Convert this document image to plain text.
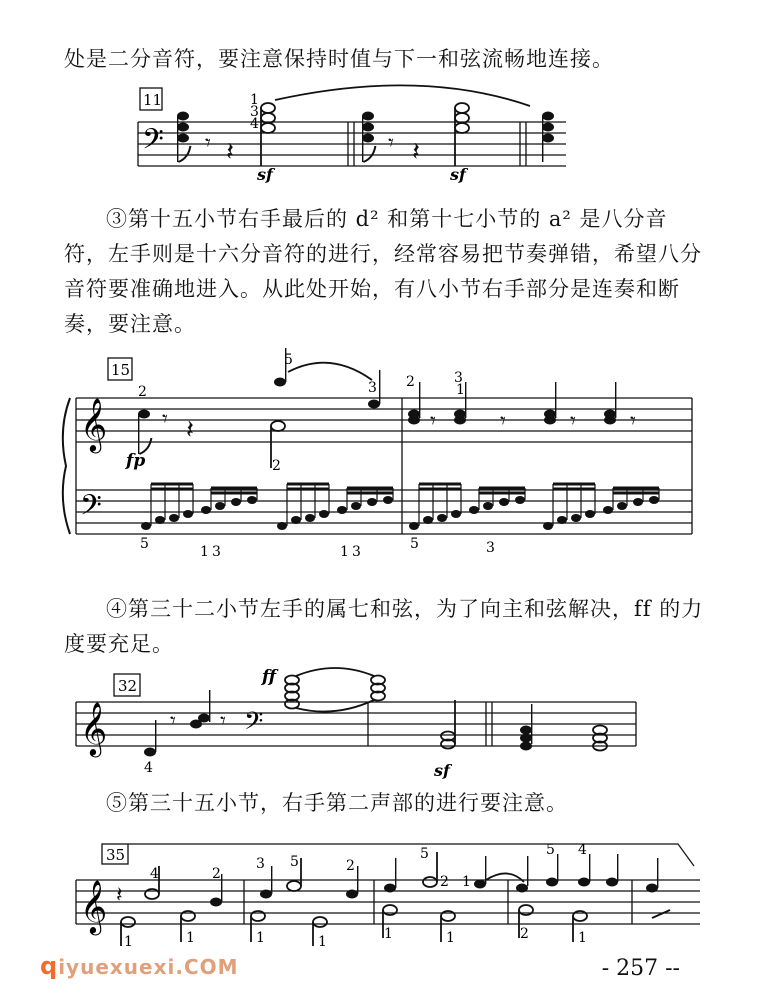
处是二分音符，要注意保持时值与下一和弦流畅地连接。

11
𝄢 𝄾 𝄽
1
3
4
sf
𝄾 𝄽
sf

③第十五小节右手最后的 d² 和第十七小节的 a² 是八分音符，左手则是十六分音符的进行，经常容易把节奏弹错，希望八分音符要准确地进入。从此处开始，有八小节右手部分是连奏和断奏，要注意。

15
𝄞
𝄢
𝄾 𝄽
2
5
3
2
fp
𝄾	𝄾	𝄾 𝄾
2	3
1
5	1 3	1 3	5	3

④第三十二小节左手的属七和弦，为了向主和弦解决，ff 的力度要充足。

32
𝄞	𝄾 𝄾 𝄢
4
ff
sf

⑤第三十五小节，右手第二声部的进行要注意。

35
𝄞 𝄽
4	2
3 5	2
5
2 1
5 4
1	1	1	1	1	1	2	1
qiyuexuexi.COM	- 257 --
